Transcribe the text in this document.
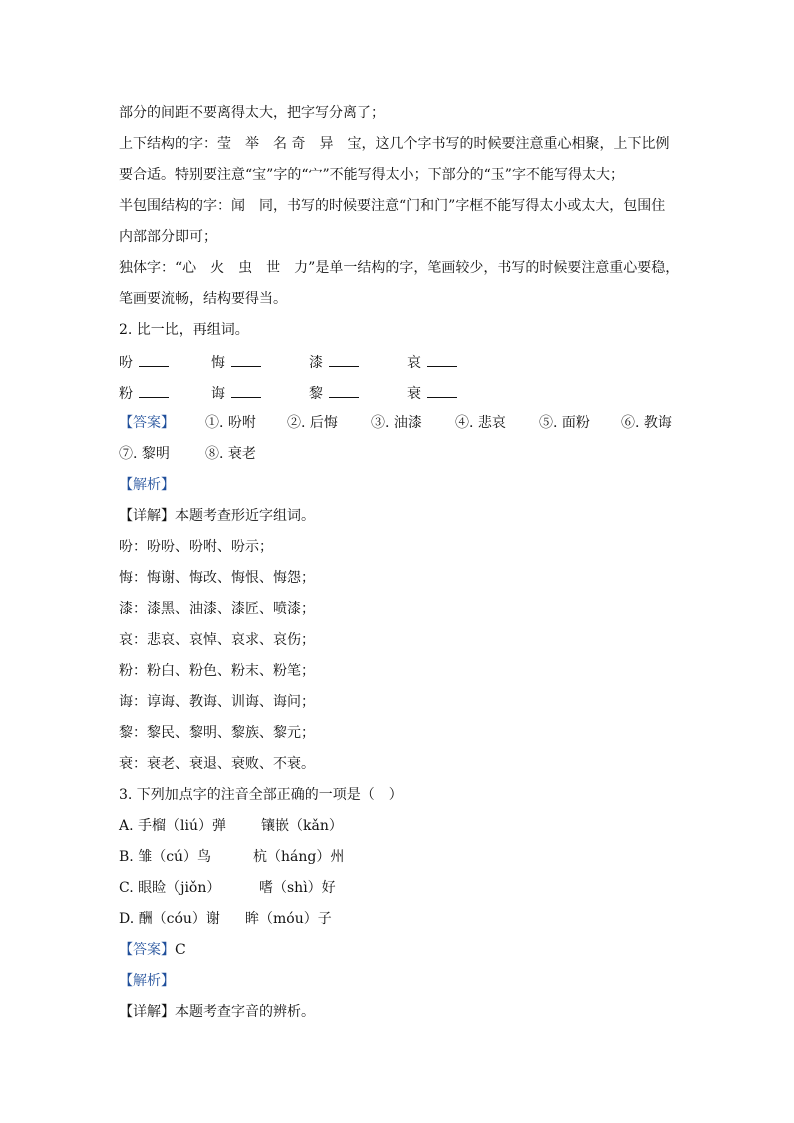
部分的间距不要离得太大，把字写分离了；
上下结构的字：莹　举　名 奇　异　宝，这几个字书写的时候要注意重心相聚，上下比例
要合适。特别要注意“宝”字的“宀”不能写得太小；下部分的“玉”字不能写得太大；
半包围结构的字：闻　同，书写的时候要注意“门和门”字框不能写得太小或太大，包围住
内部部分即可；
独体字：“心　火　虫　世　力”是单一结构的字，笔画较少，书写的时候要注意重心要稳，
笔画要流畅，结构要得当。
2. 比一比，再组词。
吩	悔	漆	哀
粉	诲	黎	衰
【答案】 ①. 吩咐 ②. 后悔 ③. 油漆 ④. 悲哀 ⑤. 面粉 ⑥. 教诲
⑦. 黎明	⑧. 衰老
【解析】
【详解】本题考查形近字组词。
吩：吩吩、吩咐、吩示；
悔：悔谢、悔改、悔恨、悔怨；
漆：漆黑、油漆、漆匠、喷漆；
哀：悲哀、哀悼、哀求、哀伤；
粉：粉白、粉色、粉末、粉笔；
诲：谆诲、教诲、训诲、诲问；
黎：黎民、黎明、黎族、黎元；
衰：衰老、衰退、衰败、不衰。
3. 下列加点字的注音全部正确的一项是（　）
A. 手榴（liú）弹	镶嵌（kǎn）
B. 雏（cú）鸟	杭（háng）州
C. 眼睑（jiǒn）	嗜（shì）好
D. 酬（cóu）谢 眸（móu）子
【答案】C
【解析】
【详解】本题考查字音的辨析。
